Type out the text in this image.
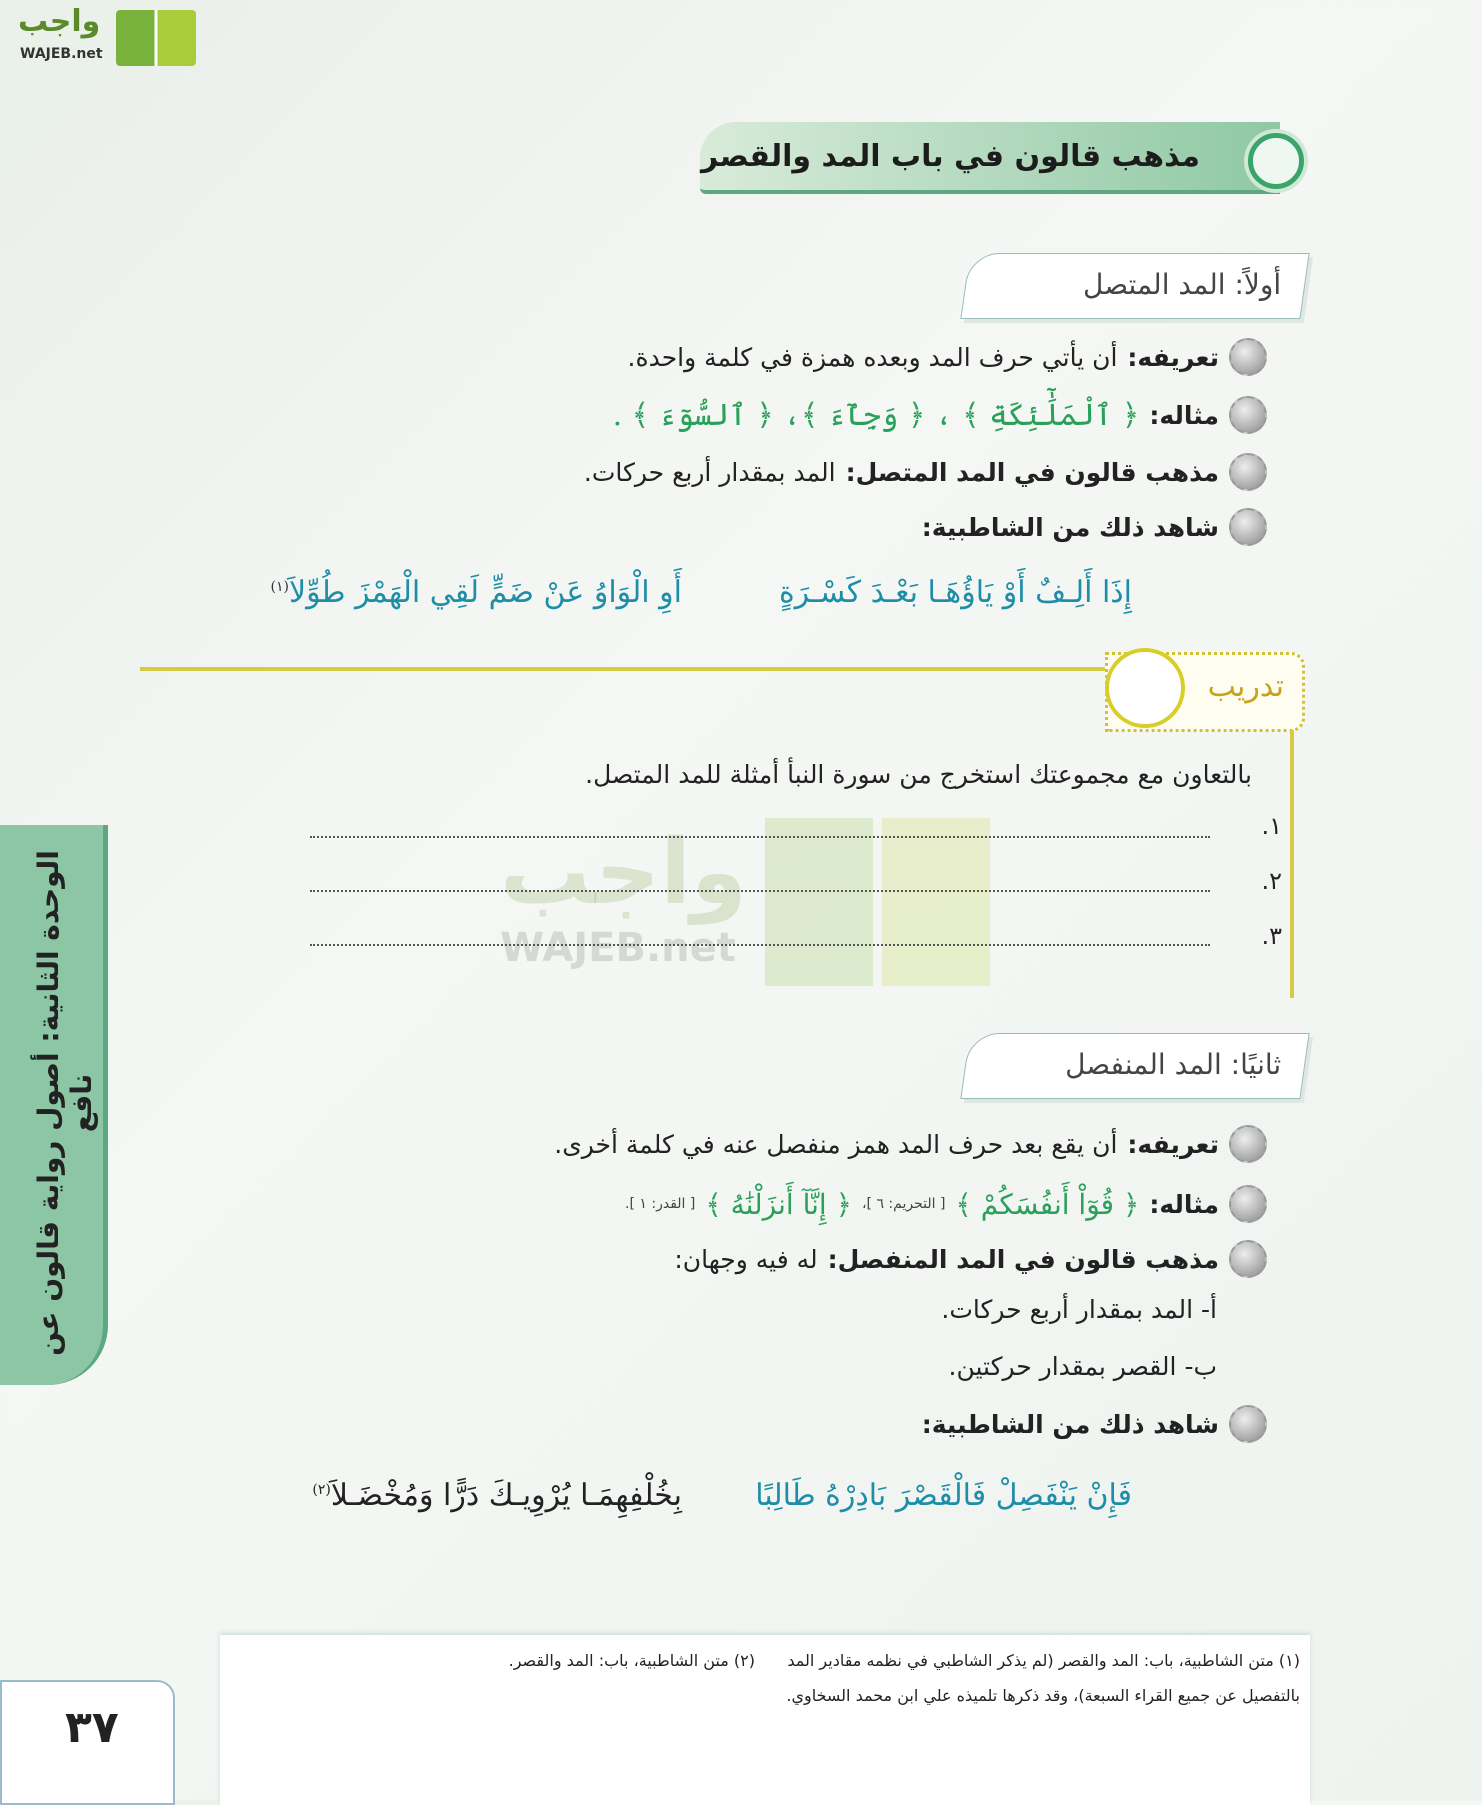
واجب
WAJEB.net
مذهب قالون في باب المد والقصر
أولاً: المد المتصل
تعريفه:
أن يأتي حرف المد وبعده همزة في كلمة واحدة.
مثاله:
﴿ ٱلْمَلَٰٓئِكَةِ ﴾ ، ﴿ وَجِآْءَ ﴾، ﴿ ٱلسُّوٓءَ ﴾ .
مذهب قالون في المد المتصل:
المد بمقدار أربع حركات.
شاهد ذلك من الشاطبية:
إِذَا أَلِـفٌ أَوْ يَاؤُهَـا بَعْـدَ كَسْـرَةٍ
أَوِ الْوَاوُ عَنْ ضَمٍّ لَقِي الْهَمْزَ طُوِّلاَ$^{(١)}$
تدريب
واجب
WAJEB.net
بالتعاون مع مجموعتك استخرج من سورة النبأ أمثلة للمد المتصل.
١.
٢.
٣.
ثانيًا: المد المنفصل
تعريفه:
أن يقع بعد حرف المد همز منفصل عنه في كلمة أخرى.
مثاله:
﴿ قُوٓاْ أَنفُسَكُمْ ﴾
[ التحريم: ٦ ]،
﴿ إِنَّآ أَنزَلْنَٰهُ ﴾
[ القدر: ١ ].
مذهب قالون في المد المنفصل:
له فيه وجهان:
أ- المد بمقدار أربع حركات.
ب- القصر بمقدار حركتين.
شاهد ذلك من الشاطبية:
فَإِنْ يَنْفَصِلْ فَالْقَصْرَ بَادِرْهُ طَالِبًا
بِخُلْفِهِمَـا يُرْوِيـكَ دَرًّا وَمُخْضَـلاَ$^{(٢)}$
الوحدة الثانية: أصول رواية قالون عن نافع
(١) متن الشاطبية، باب: المد والقصر (لم يذكر الشاطبي في نظمه مقادير المد بالتفصيل عن جميع القراء السبعة)، وقد ذكرها تلميذه علي ابن محمد السخاوي.
(٢) متن الشاطبية، باب: المد والقصر.
٣٧
